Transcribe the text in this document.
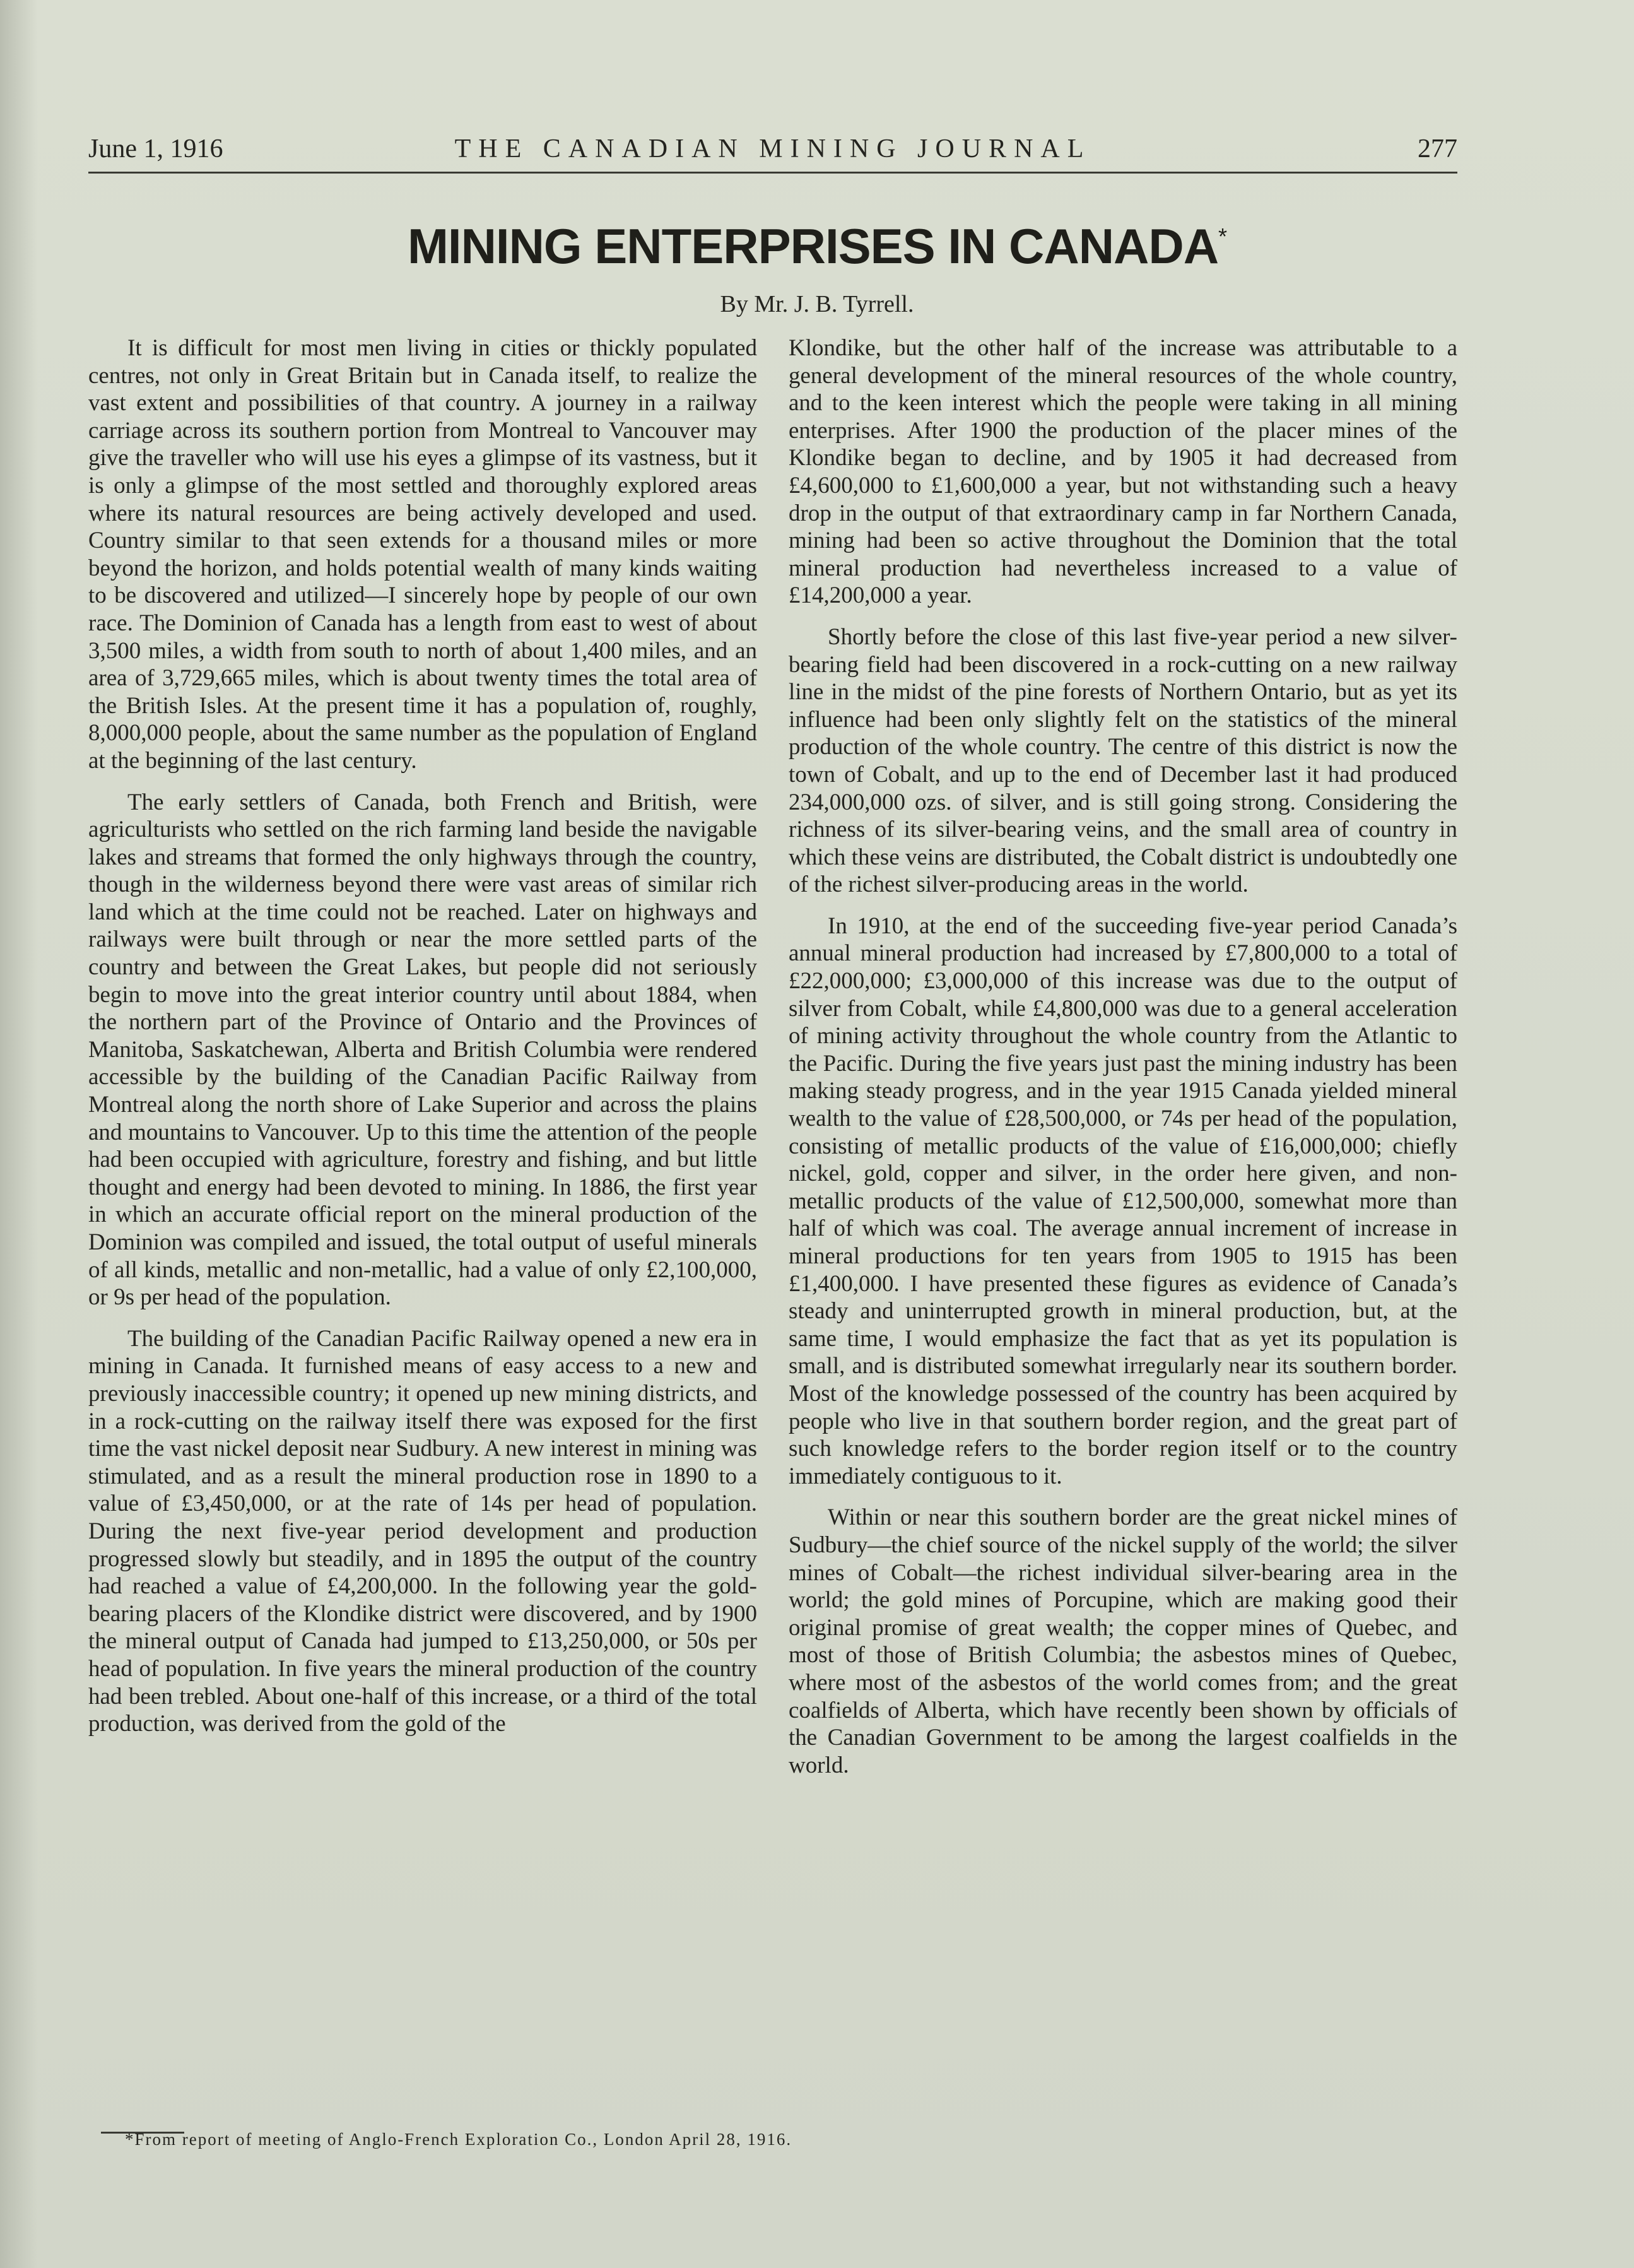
June 1, 1916	THE CANADIAN MINING JOURNAL	277
MINING ENTERPRISES IN CANADA*
By Mr. J. B. Tyrrell.

It is difficult for most men living in cities or thickly populated centres, not only in Great Britain but in Canada itself, to realize the vast extent and possibilities of that country. A journey in a railway carriage across its southern portion from Montreal to Vancouver may give the traveller who will use his eyes a glimpse of its vastness, but it is only a glimpse of the most settled and thoroughly explored areas where its natural resources are being actively developed and used. Country similar to that seen extends for a thousand miles or more beyond the horizon, and holds potential wealth of many kinds waiting to be discovered and utilized—I sincerely hope by people of our own race. The Dominion of Canada has a length from east to west of about 3,500 miles, a width from south to north of about 1,400 miles, and an area of 3,729,665 miles, which is about twenty times the total area of the British Isles. At the present time it has a population of, roughly, 8,000,000 people, about the same number as the population of England at the beginning of the last century.

The early settlers of Canada, both French and British, were agriculturists who settled on the rich farming land beside the navigable lakes and streams that formed the only highways through the country, though in the wilderness beyond there were vast areas of similar rich land which at the time could not be reached. Later on highways and railways were built through or near the more settled parts of the country and between the Great Lakes, but people did not seriously begin to move into the great interior country until about 1884, when the northern part of the Province of Ontario and the Provinces of Manitoba, Saskatchewan, Alberta and British Columbia were rendered accessible by the building of the Canadian Pacific Railway from Montreal along the north shore of Lake Superior and across the plains and mountains to Vancouver. Up to this time the attention of the people had been occupied with agriculture, forestry and fishing, and but little thought and energy had been devoted to mining. In 1886, the first year in which an accurate official report on the mineral production of the Dominion was compiled and issued, the total output of useful minerals of all kinds, metallic and non-metallic, had a value of only £2,100,000, or 9s per head of the population.

The building of the Canadian Pacific Railway opened a new era in mining in Canada. It furnished means of easy access to a new and previously inaccessible country; it opened up new mining districts, and in a rock-cutting on the railway itself there was exposed for the first time the vast nickel deposit near Sudbury. A new interest in mining was stimulated, and as a result the mineral production rose in 1890 to a value of £3,450,000, or at the rate of 14s per head of population. During the next five-year period development and production progressed slowly but steadily, and in 1895 the output of the country had reached a value of £4,200,000. In the following year the gold-bearing placers of the Klondike district were discovered, and by 1900 the mineral output of Canada had jumped to £13,250,000, or 50s per head of population. In five years the mineral production of the country had been trebled. About one-half of this increase, or a third of the total production, was derived from the gold of the

Klondike, but the other half of the increase was attributable to a general development of the mineral resources of the whole country, and to the keen interest which the people were taking in all mining enterprises. After 1900 the production of the placer mines of the Klondike began to decline, and by 1905 it had decreased from £4,600,000 to £1,600,000 a year, but not withstanding such a heavy drop in the output of that extraordinary camp in far Northern Canada, mining had been so active throughout the Dominion that the total mineral production had nevertheless increased to a value of £14,200,000 a year.

Shortly before the close of this last five-year period a new silver-bearing field had been discovered in a rock-cutting on a new railway line in the midst of the pine forests of Northern Ontario, but as yet its influence had been only slightly felt on the statistics of the mineral production of the whole country. The centre of this district is now the town of Cobalt, and up to the end of December last it had produced 234,000,000 ozs. of silver, and is still going strong. Considering the richness of its silver-bearing veins, and the small area of country in which these veins are distributed, the Cobalt district is undoubtedly one of the richest silver-producing areas in the world.

In 1910, at the end of the succeeding five-year period Canada’s annual mineral production had increased by £7,800,000 to a total of £22,000,000; £3,000,000 of this increase was due to the output of silver from Cobalt, while £4,800,000 was due to a general acceleration of mining activity throughout the whole country from the Atlantic to the Pacific. During the five years just past the mining industry has been making steady progress, and in the year 1915 Canada yielded mineral wealth to the value of £28,500,000, or 74s per head of the population, consisting of metallic products of the value of £16,000,000; chiefly nickel, gold, copper and silver, in the order here given, and non-metallic products of the value of £12,500,000, somewhat more than half of which was coal. The average annual increment of increase in mineral productions for ten years from 1905 to 1915 has been £1,400,000. I have presented these figures as evidence of Canada’s steady and uninterrupted growth in mineral production, but, at the same time, I would emphasize the fact that as yet its population is small, and is distributed somewhat irregularly near its southern border. Most of the knowledge possessed of the country has been acquired by people who live in that southern border region, and the great part of such knowledge refers to the border region itself or to the country immediately contiguous to it.

Within or near this southern border are the great nickel mines of Sudbury—the chief source of the nickel supply of the world; the silver mines of Cobalt—the richest individual silver-bearing area in the world; the gold mines of Porcupine, which are making good their original promise of great wealth; the copper mines of Quebec, and most of those of British Columbia; the asbestos mines of Quebec, where most of the asbestos of the world comes from; and the great coalfields of Alberta, which have recently been shown by officials of the Canadian Government to be among the largest coalfields in the world.

*From report of meeting of Anglo-French Exploration Co., London April 28, 1916.
